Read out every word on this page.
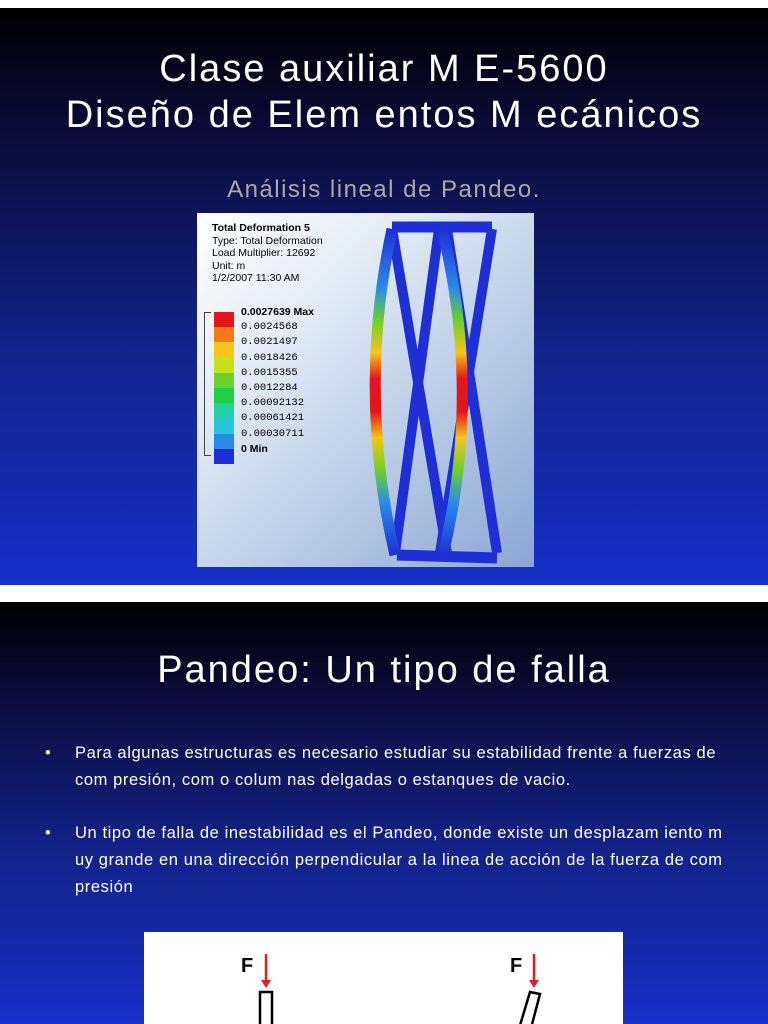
Clase auxiliar M E-5600
Diseño de Elem entos M ecánicos
Análisis lineal de Pandeo.
Total Deformation 5
Type: Total Deformation
Load Multiplier: 12692
Unit: m
1/2/2007 11:30 AM
0.0027639 Max
0.0024568
0.0021497
0.0018426
0.0015355
0.0012284
0.00092132
0.00061421
0.00030711
0 Min
Pandeo: Un tipo de falla
• Para algunas estructuras es necesario estudiar su estabilidad frente a fuerzas de com presión, com o colum nas delgadas o estanques de vacio.
• Un tipo de falla de inestabilidad es el Pandeo, donde existe un desplazam iento m uy grande en una dirección perpendicular a la linea de acción de la fuerza de com presión
F	F
